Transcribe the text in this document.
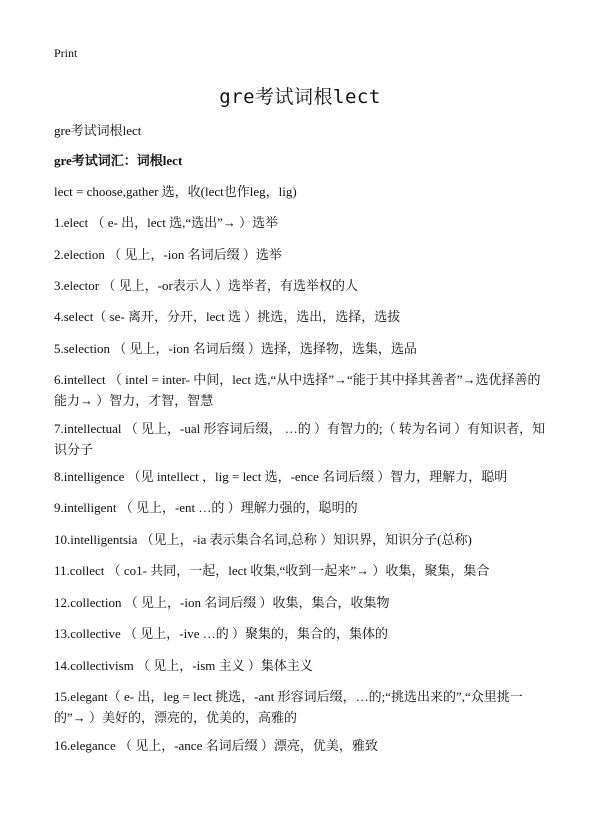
Print
gre考试词根lect
gre考试词根lect
gre考试词汇：词根lect
lect = choose,gather 选，收(lect也作leg，lig)
1.elect （ e- 出，lect 选,“选出”→ ）选举
2.election （ 见上，-ion 名词后缀 ）选举
3.elector （ 见上，-or表示人 ）选举者，有选举权的人
4.select（ se- 离开，分开，lect 选 ）挑选，选出，选择，选拔
5.selection （ 见上，-ion 名词后缀 ）选择，选择物，选集，选品
6.intellect （ intel = inter- 中间，lect 选,“从中选择”→“能于其中择其善者”→选优择善的能力→ ）智力，才智，智慧
7.intellectual （ 见上，-ual 形容词后缀， …的 ）有智力的;（ 转为名词 ）有知识者，知识分子
8.intelligence （见 intellect ，lig = lect 选，-ence 名词后缀 ）智力，理解力，聪明
9.intelligent （ 见上，-ent …的 ）理解力强的，聪明的
10.intelligentsia （见上，-ia 表示集合名词,总称 ）知识界，知识分子(总称)
11.collect （ co1- 共同，一起，lect 收集,“收到一起来”→ ）收集，聚集，集合
12.collection （ 见上，-ion 名词后缀 ）收集，集合，收集物
13.collective （ 见上，-ive …的 ）聚集的，集合的，集体的
14.collectivism （ 见上，-ism 主义 ）集体主义
15.elegant（ e- 出，leg = lect 挑选，-ant 形容词后缀，…的;“挑选出来的”,“众里挑一的”→ ）美好的，漂亮的，优美的，高雅的
16.elegance （ 见上，-ance 名词后缀 ）漂亮，优美，雅致
